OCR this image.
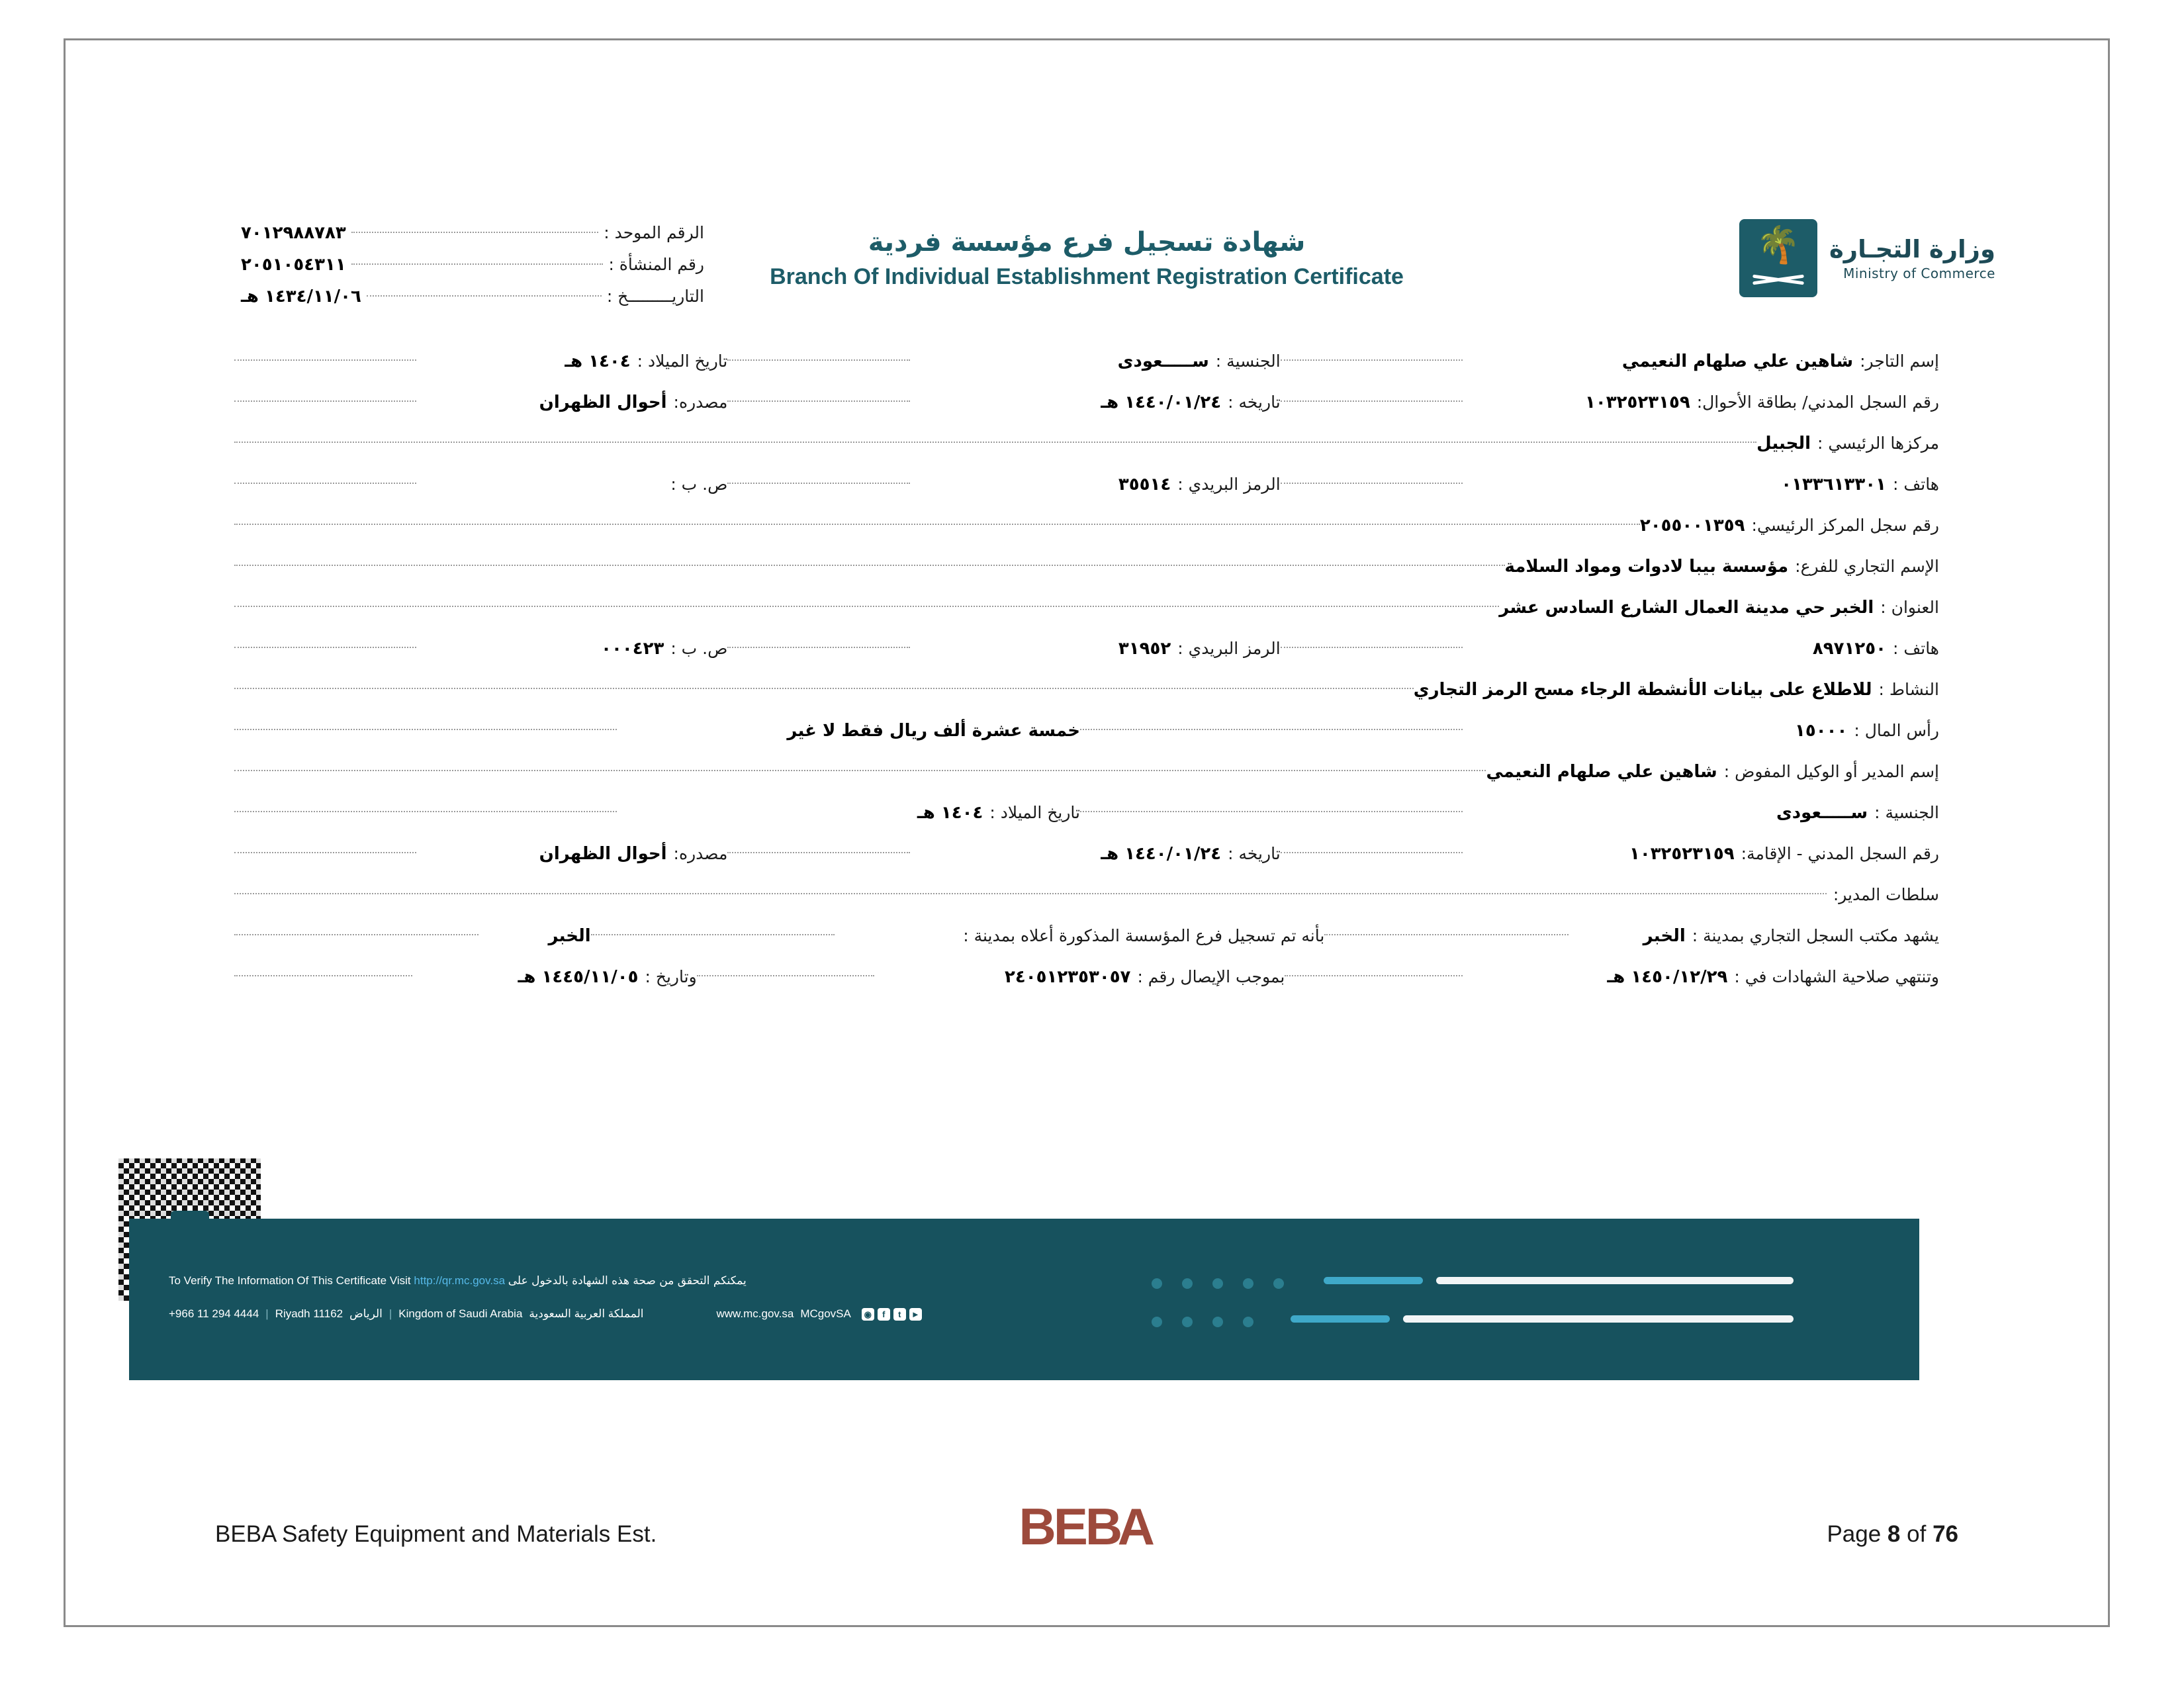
وزارة التجـارة
Ministry of Commerce
🌴
شهادة تسجيل فرع مؤسسة فردية
Branch Of Individual Establishment Registration Certificate
الرقم الموحد :
٧٠١٢٩٨٨٧٨٣
رقم المنشأة :
٢٠٥١٠٥٤٣١١
التاريـــــــــخ :
١٤٣٤/١١/٠٦ هـ
إسم التاجر:
شاهين علي صلهام النعيمي
الجنسية :
ســـــعودى
تاريخ الميلاد :
١٤٠٤ هـ
رقم السجل المدني/ بطاقة الأحوال:
١٠٣٢٥٢٣١٥٩
تاريخه :
١٤٤٠/٠١/٢٤ هـ
مصدره:
أحوال الظهران
مركزها الرئيسي :
الجبيل
هاتف :
٠١٣٣٦١٣٣٠١
الرمز البريدي :
٣٥٥١٤
ص. ب :
رقم سجل المركز الرئيسي:
٢٠٥٥٠٠١٣٥٩
الإسم التجاري للفرع:
مؤسسة بيبا لادوات ومواد السلامة
العنوان :
الخبر حي مدينة العمال الشارع السادس عشر
هاتف :
٨٩٧١٢٥٠
الرمز البريدي :
٣١٩٥٢
ص. ب :
٠٠٠٤٢٣
النشاط :
للاطلاع على بيانات الأنشطة الرجاء مسح الرمز التجاري
رأس المال :
١٥٠٠٠
خمسة عشرة ألف ريال فقط لا غير
إسم المدير أو الوكيل المفوض :
شاهين علي صلهام النعيمي
الجنسية :
ســـــعودى
تاريخ الميلاد :
١٤٠٤ هـ
رقم السجل المدني - الإقامة:
١٠٣٢٥٢٣١٥٩
تاريخه :
١٤٤٠/٠١/٢٤ هـ
مصدره:
أحوال الظهران
سلطات المدير:
يشهد مكتب السجل التجاري بمدينة :
الخبر
بأنه تم تسجيل فرع المؤسسة المذكورة أعلاه بمدينة :
الخبر
وتنتهي صلاحية الشهادات في :
١٤٥٠/١٢/٢٩ هـ
بموجب الإيصال رقم :
٢٤٠٥١٢٣٥٣٠٥٧
وتاريخ :
١٤٤٥/١١/٠٥ هـ
To Verify The Information Of This Certificate Visit http://qr.mc.gov.sa يمكنكم التحقق من صحة هذه الشهادة بالدخول على
+966 11 294 4444 | Riyadh 11162 الرياض | Kingdom of Saudi Arabia المملكة العربية السعودية	www.mc.gov.sa MCgovSA ◉	f	t	►
BEBA Safety Equipment and Materials Est.	BEBA	Page 8 of 76
